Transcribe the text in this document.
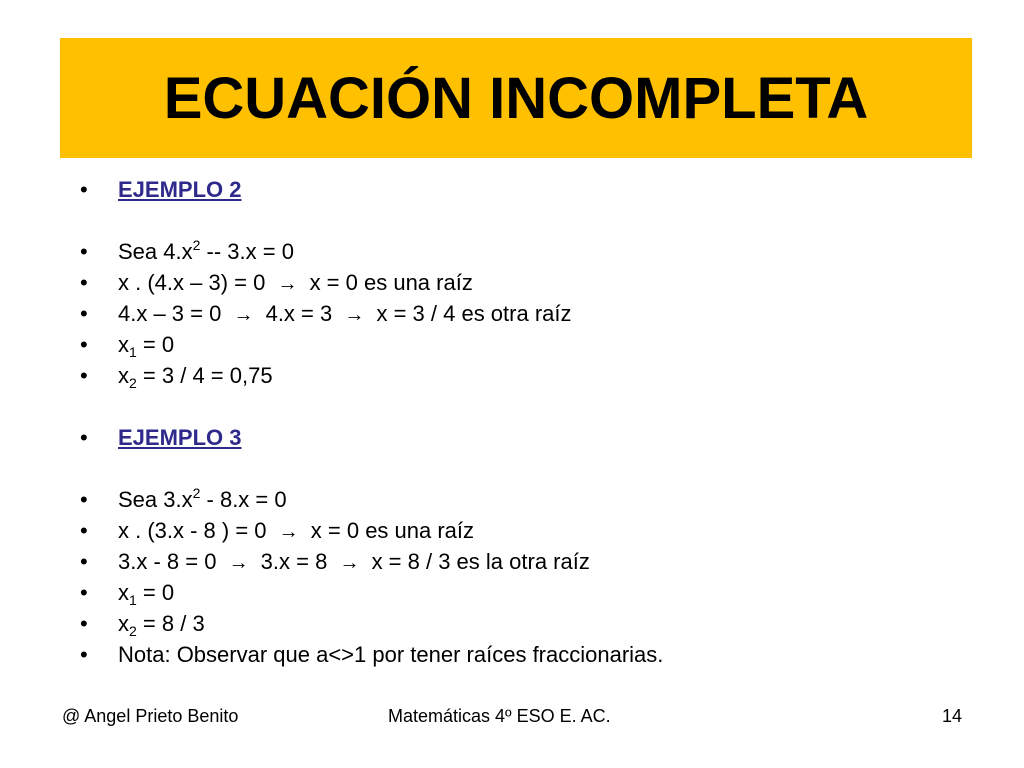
ECUACIÓN INCOMPLETA
•	EJEMPLO 2
•	Sea $4.x^2 -- 3.x = 0$
•	x . (4.x – 3) = 0 → x = 0 es una raíz
•	4.x – 3 = 0 → 4.x = 3 → x = 3 / 4 es otra raíz
•	$x_1 = 0$
•	$x_2 = 3 / 4 = 0,75$
•	EJEMPLO 3
•	Sea $3.x^2 - 8.x = 0$
•	x . (3.x - 8 ) = 0 → x = 0 es una raíz
•	3.x - 8 = 0 → 3.x = 8 → x = 8 / 3 es la otra raíz
•	$x_1 = 0$
•	$x_2 = 8 / 3$
•	Nota: Observar que a<>1 por tener raíces fraccionarias.
@ Angel Prieto Benito	Matemáticas 4º ESO E. AC.	14
